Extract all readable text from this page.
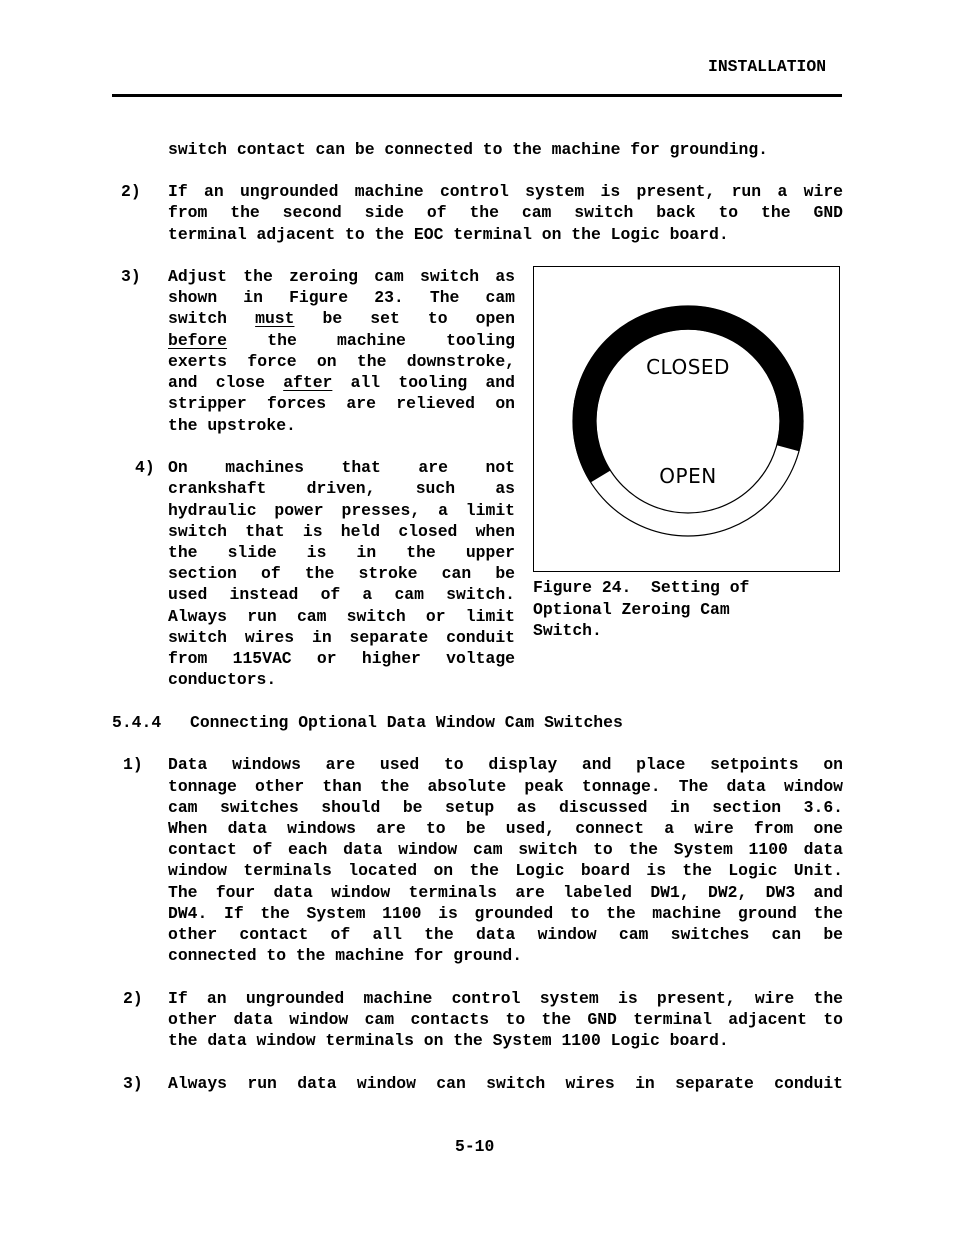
INSTALLATION
switch contact can be connected to the machine for grounding.
2) If an ungrounded machine control system is present, run a wire
from the second side of the cam switch back to the GND
terminal adjacent to the EOC terminal on the Logic board.
3) Adjust the zeroing cam switch as
shown in Figure 23. The cam
switch must be set to open
before the machine tooling
exerts force on the downstroke,
and close after all tooling and
stripper forces are relieved on
the upstroke.
4) On machines that are not
crankshaft driven, such as
hydraulic power presses, a limit
switch that is held closed when
the slide is in the upper
section of the stroke can be
used instead of a cam switch.
Always run cam switch or limit
switch wires in separate conduit
from 115VAC or higher voltage
conductors.
CLOSED
OPEN
Figure 24.  Setting of
Optional Zeroing Cam
Switch.
5.4.4 Connecting Optional Data Window Cam Switches
1) Data windows are used to display and place setpoints on
tonnage other than the absolute peak tonnage. The data window
cam switches should be setup as discussed in section 3.6.
When data windows are to be used, connect a wire from one
contact of each data window cam switch to the System 1100 data
window terminals located on the Logic board is the Logic Unit.
The four data window terminals are labeled DW1, DW2, DW3 and
DW4. If the System 1100 is grounded to the machine ground the
other contact of all the data window cam switches can be
connected to the machine for ground.
2) If an ungrounded machine control system is present, wire the
other data window cam contacts to the GND terminal adjacent to
the data window terminals on the System 1100 Logic board.
3) Always run data window can switch wires in separate conduit
5-10
